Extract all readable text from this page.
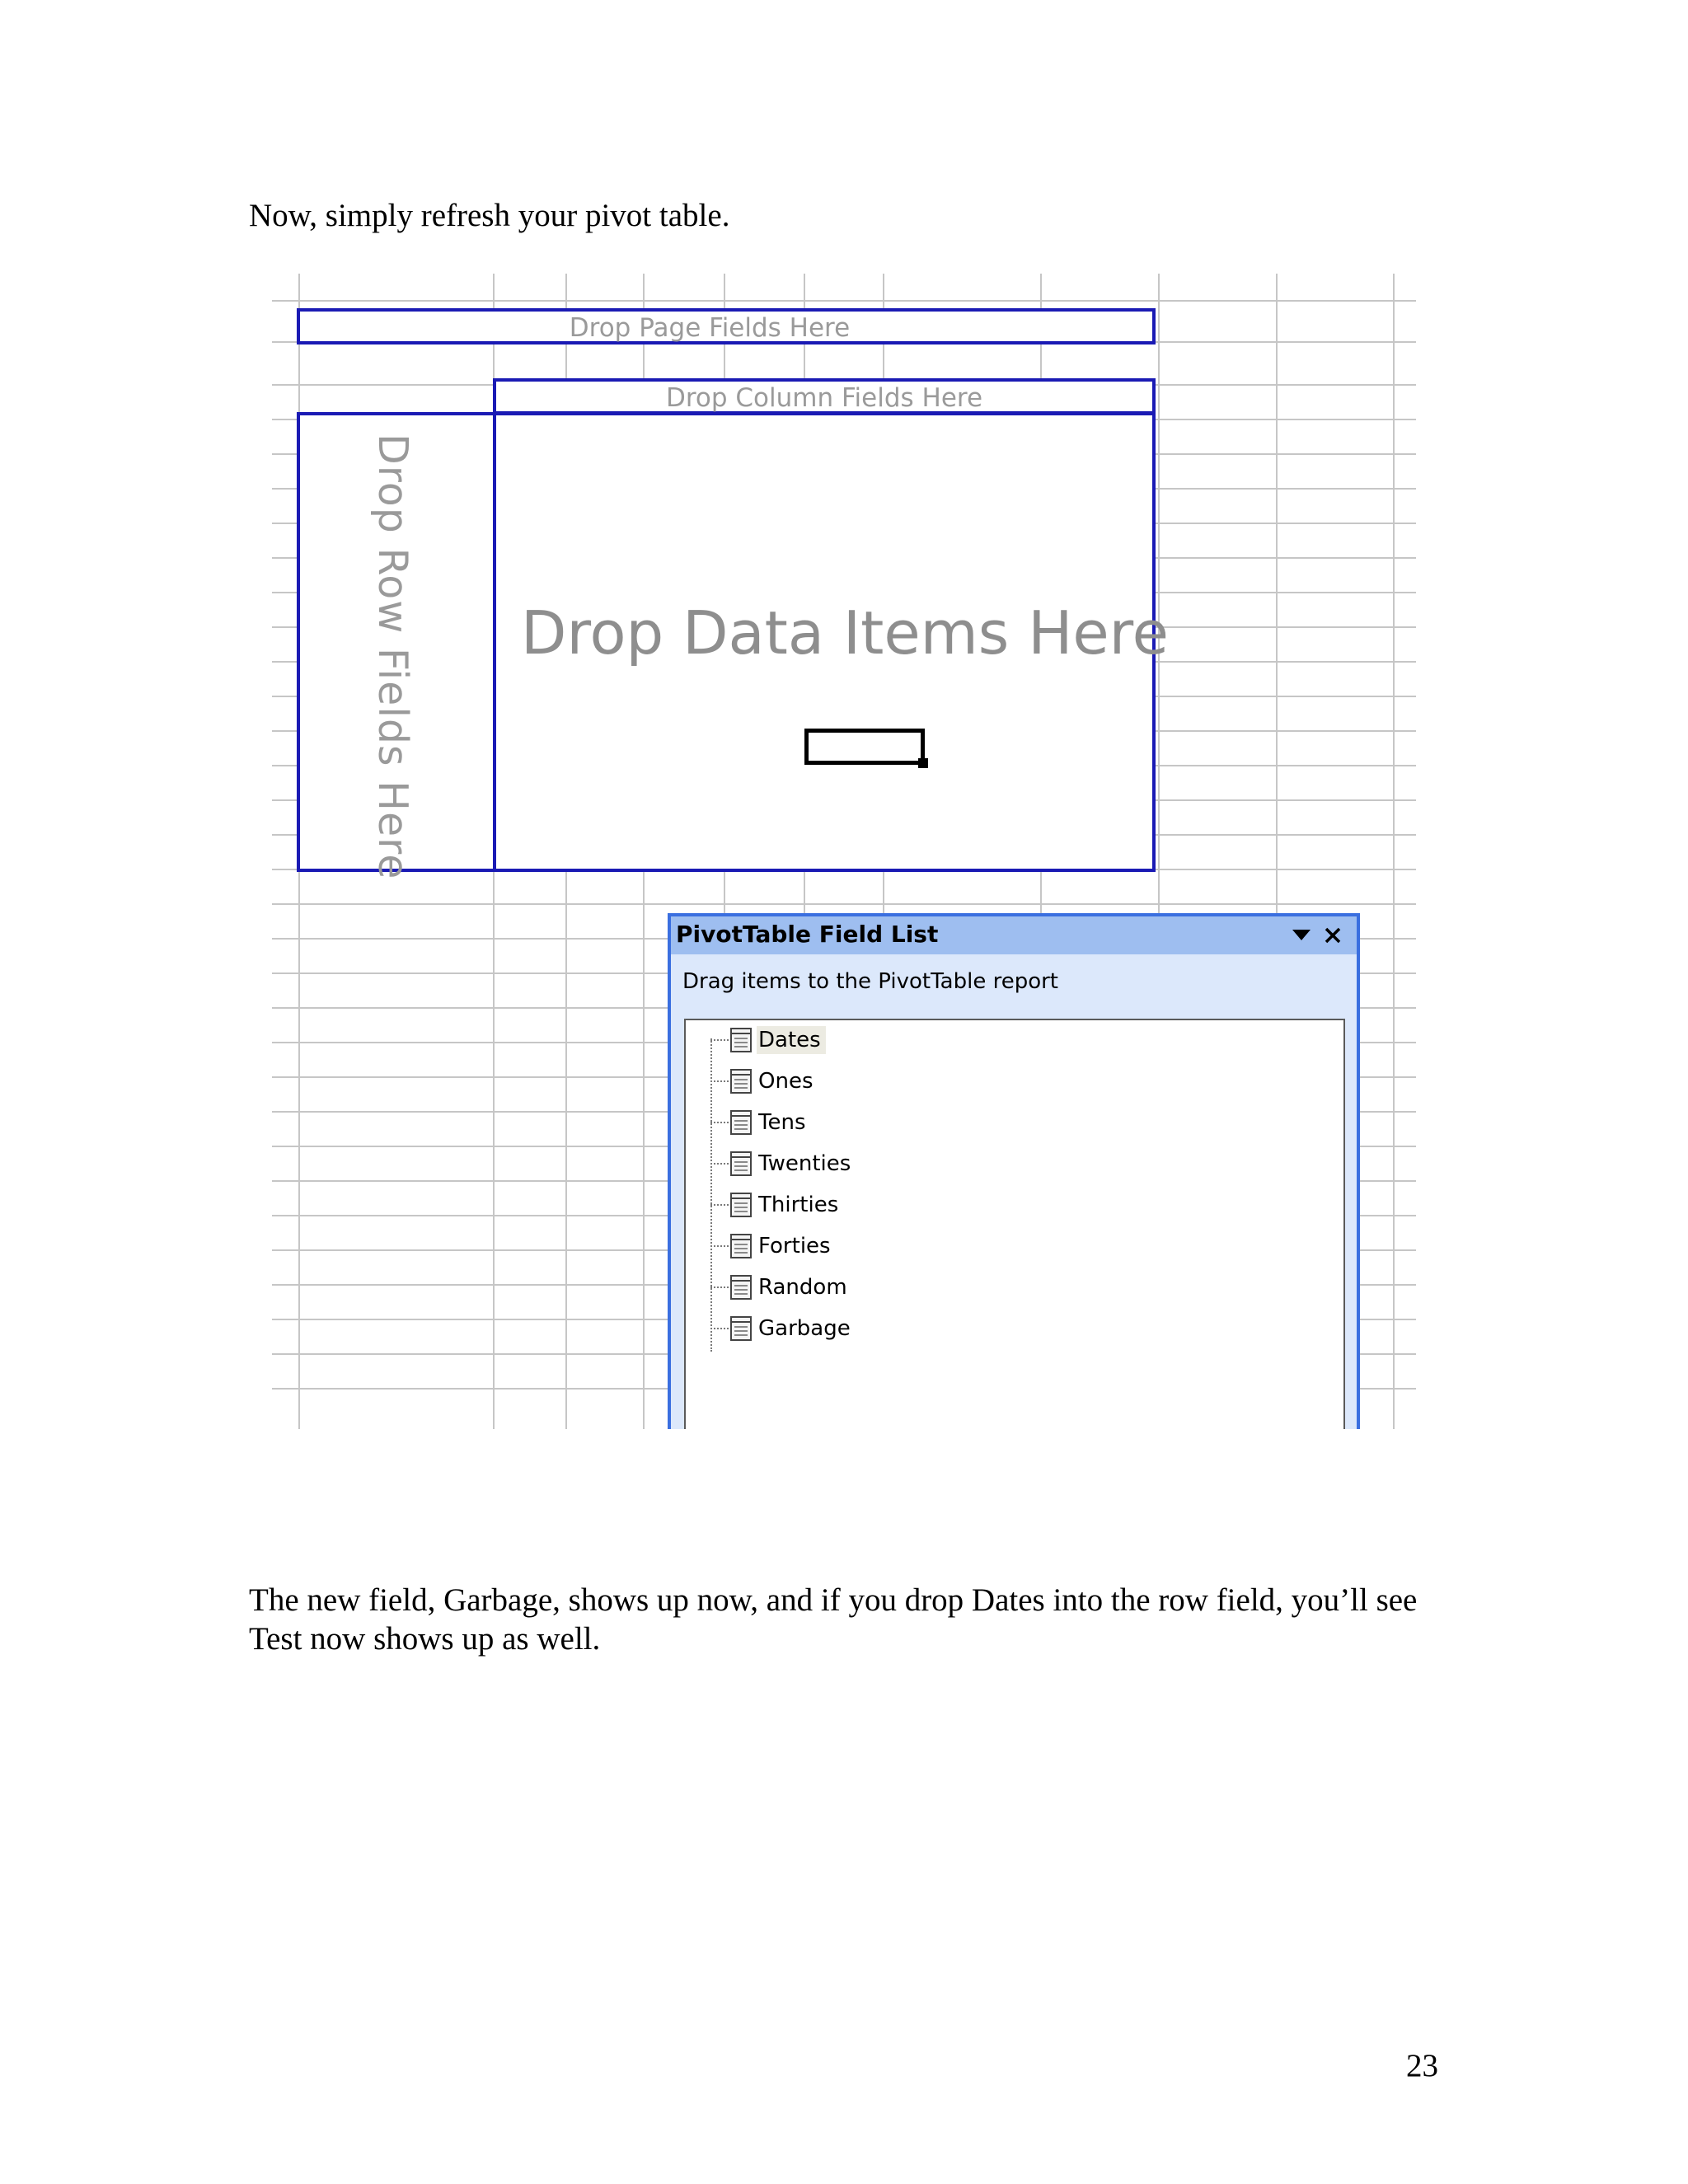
Now, simply refresh your pivot table.

Drop Page Fields Here
Drop Row Fields Here Drop Data Items Here
Drop Column Fields Here
PivotTable Field List
Drag items to the PivotTable report
Dates
Ones
Tens
Twenties
Thirties
Forties
Random
Garbage

The new field, Garbage, shows up now, and if you drop Dates into the row field, you’ll see Test now shows up as well.

23
